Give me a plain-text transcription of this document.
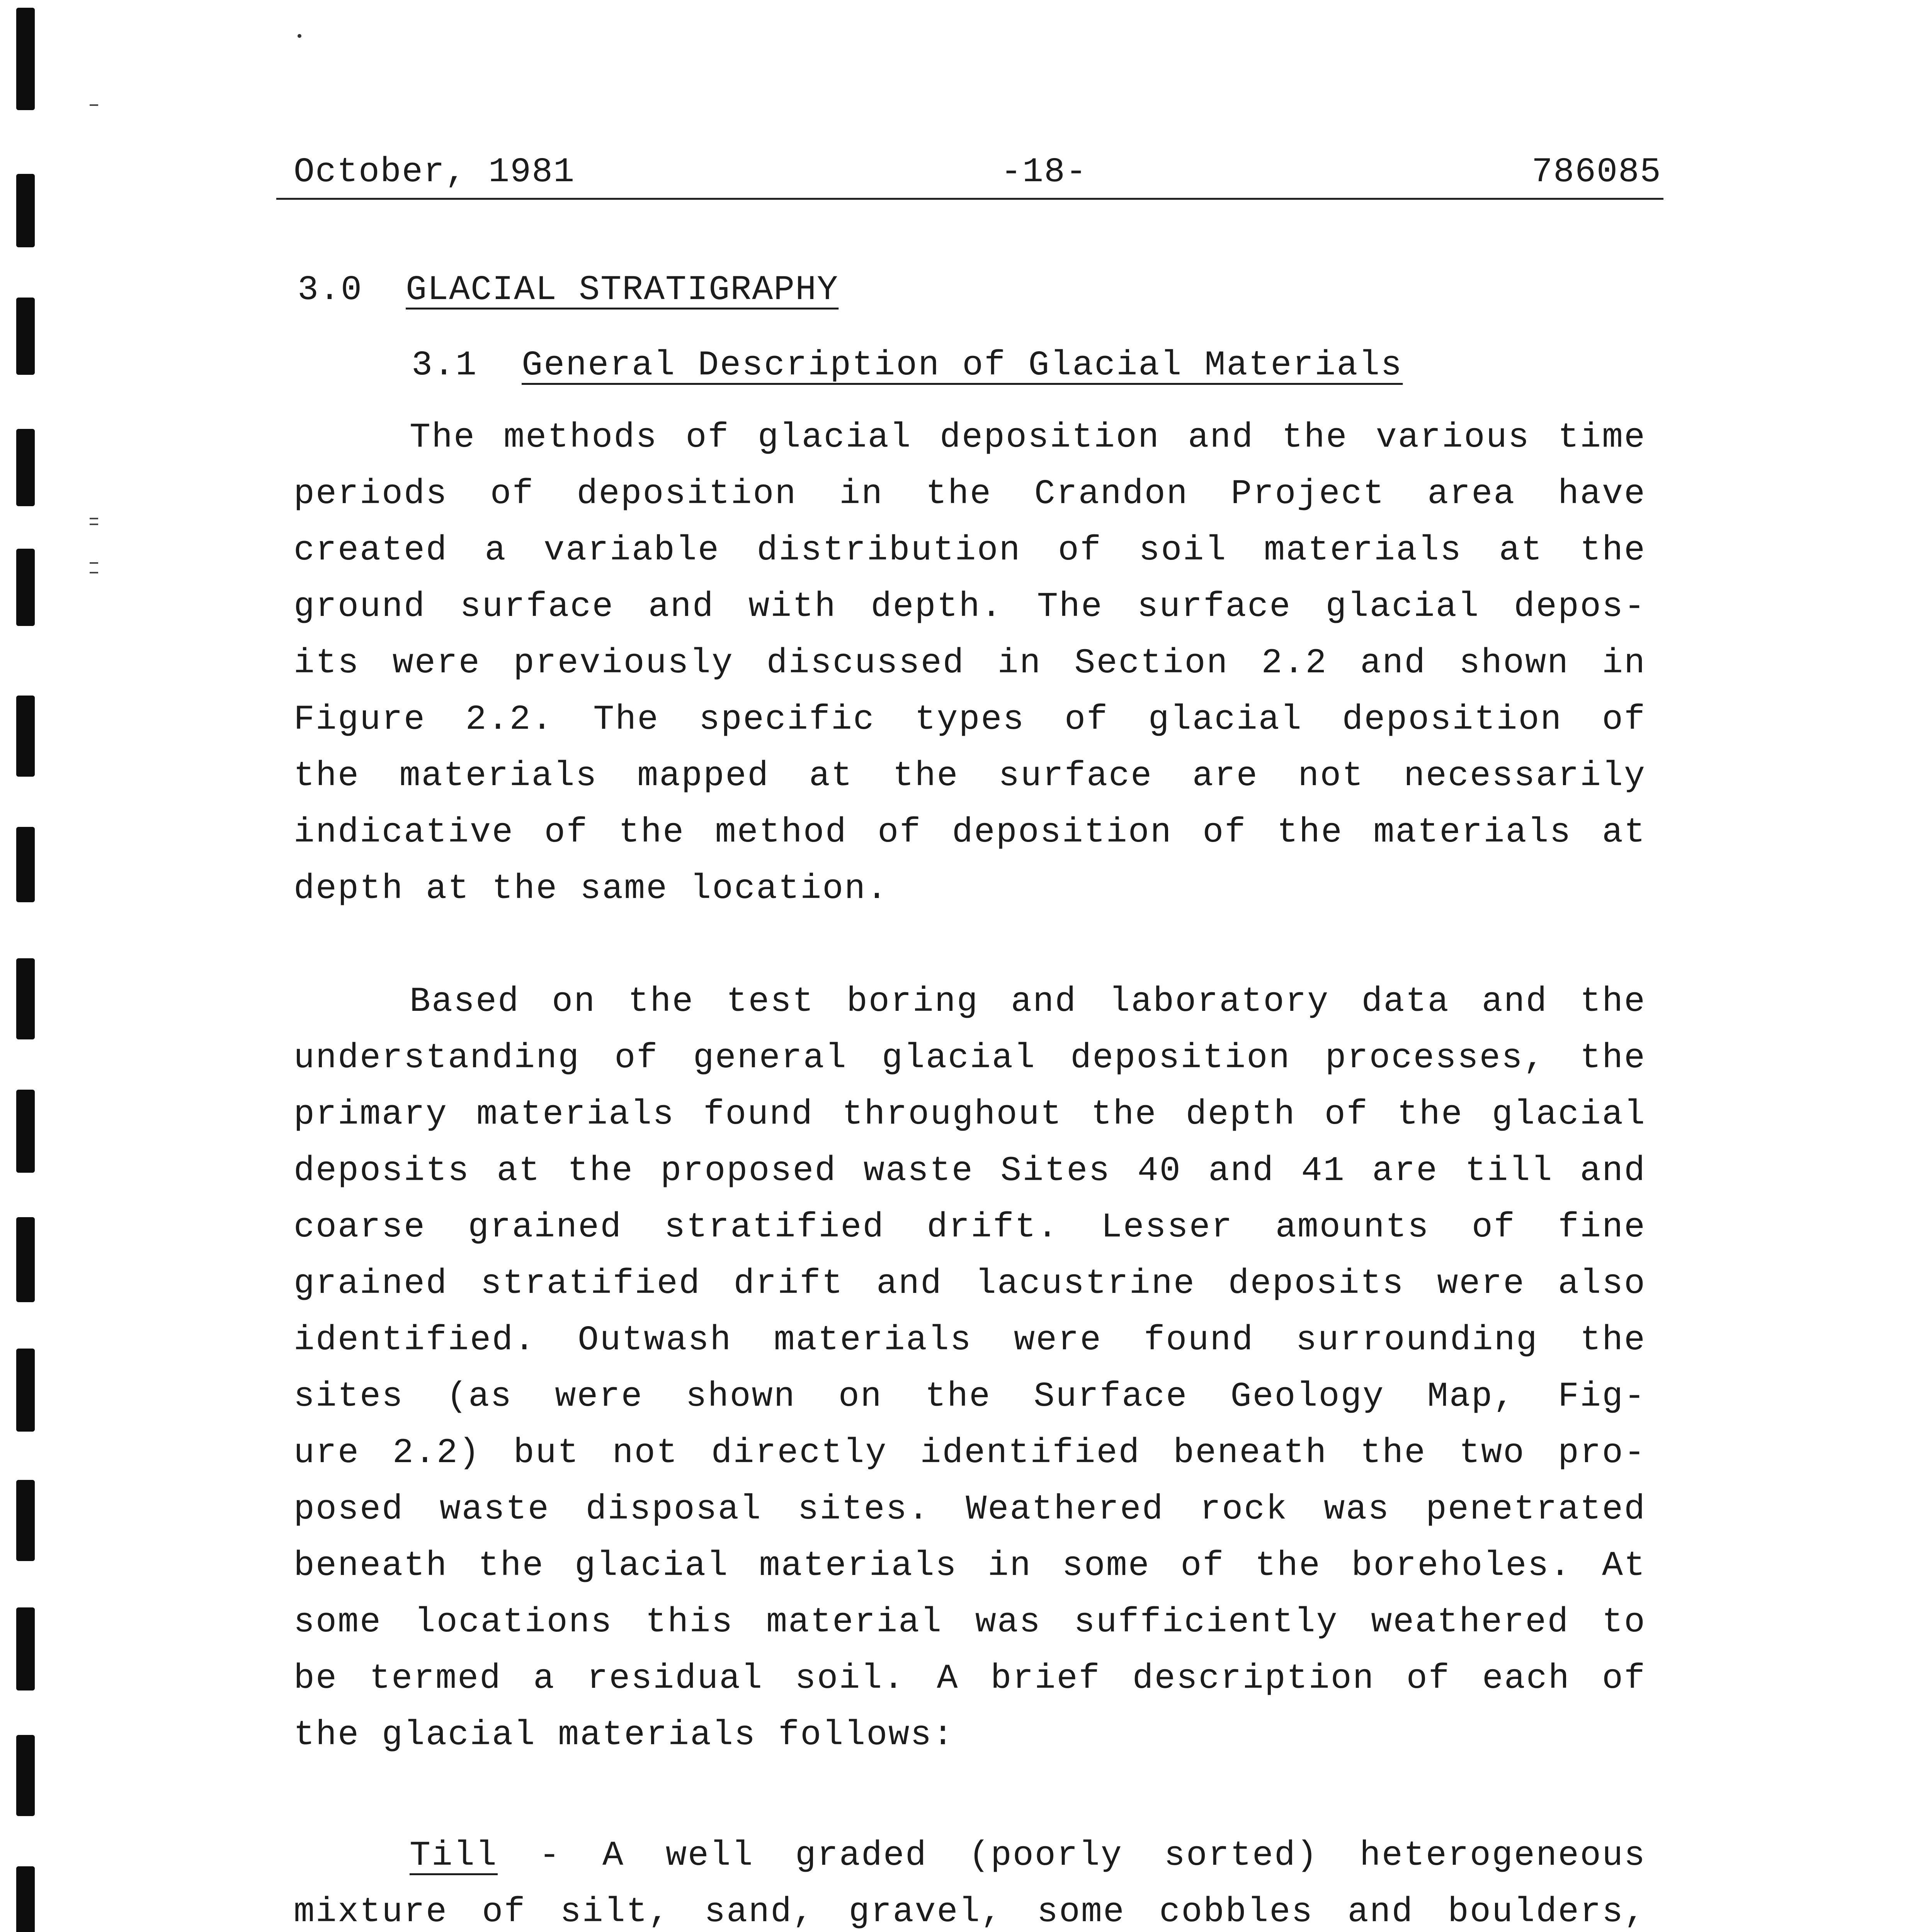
October, 1981	-18-	786085
3.0 GLACIAL STRATIGRAPHY
3.1 General Description of Glacial Materials
The methods of glacial deposition and the various time
periods of deposition in the Crandon Project area have
created a variable distribution of soil materials at the
ground surface and with depth. The surface glacial depos-
its were previously discussed in Section 2.2 and shown in
Figure 2.2. The specific types of glacial deposition of
the materials mapped at the surface are not necessarily
indicative of the method of deposition of the materials at
depth at the same location.
Based on the test boring and laboratory data and the
understanding of general glacial deposition processes, the
primary materials found throughout the depth of the glacial
deposits at the proposed waste Sites 40 and 41 are till and
coarse grained stratified drift. Lesser amounts of fine
grained stratified drift and lacustrine deposits were also
identified. Outwash materials were found surrounding the
sites (as were shown on the Surface Geology Map, Fig-
ure 2.2) but not directly identified beneath the two pro-
posed waste disposal sites. Weathered rock was penetrated
beneath the glacial materials in some of the boreholes. At
some locations this material was sufficiently weathered to
be termed a residual soil. A brief description of each of
the glacial materials follows:
Till - A well graded (poorly sorted) heterogeneous
mixture of silt, sand, gravel, some cobbles and boulders,
